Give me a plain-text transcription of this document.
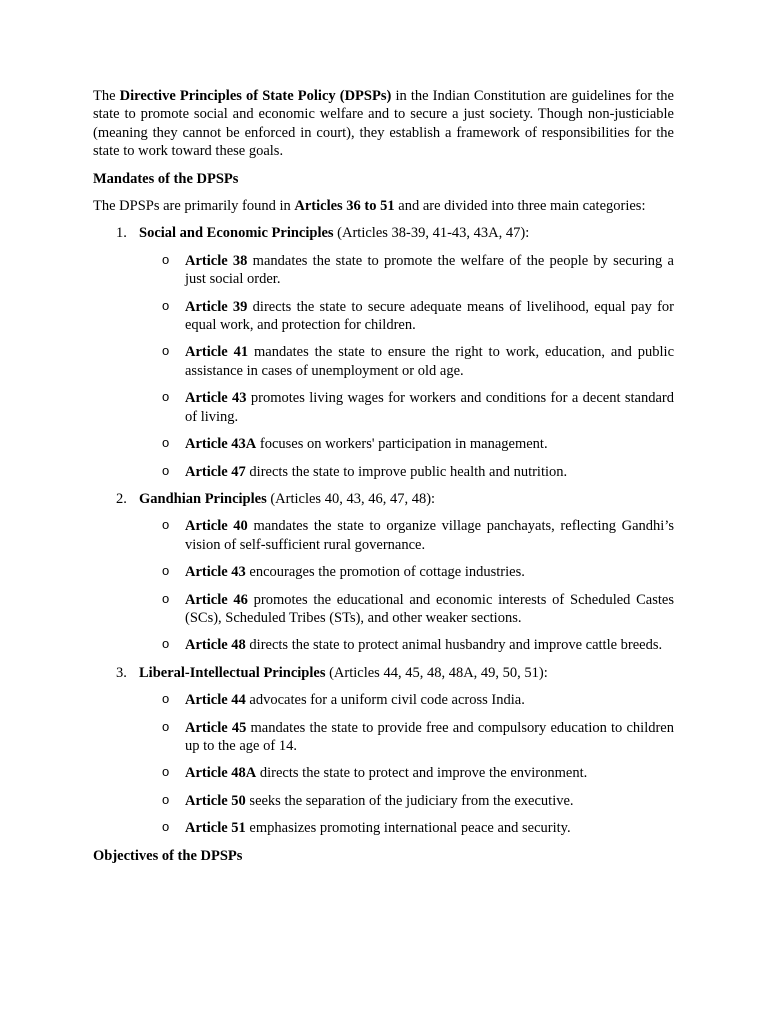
The Directive Principles of State Policy (DPSPs) in the Indian Constitution are guidelines for the state to promote social and economic welfare and to secure a just society. Though non-justiciable (meaning they cannot be enforced in court), they establish a framework of responsibilities for the state to work toward these goals.

Mandates of the DPSPs

The DPSPs are primarily found in Articles 36 to 51 and are divided into three main categories:

1. Social and Economic Principles (Articles 38-39, 41-43, 43A, 47):

o Article 38 mandates the state to promote the welfare of the people by securing a just social order.
o Article 39 directs the state to secure adequate means of livelihood, equal pay for equal work, and protection for children.
o Article 41 mandates the state to ensure the right to work, education, and public assistance in cases of unemployment or old age.
o Article 43 promotes living wages for workers and conditions for a decent standard of living.
o Article 43A focuses on workers' participation in management.
o Article 47 directs the state to improve public health and nutrition.

2. Gandhian Principles (Articles 40, 43, 46, 47, 48):

o Article 40 mandates the state to organize village panchayats, reflecting Gandhi’s vision of self-sufficient rural governance.
o Article 43 encourages the promotion of cottage industries.
o Article 46 promotes the educational and economic interests of Scheduled Castes (SCs), Scheduled Tribes (STs), and other weaker sections.
o Article 48 directs the state to protect animal husbandry and improve cattle breeds.

3. Liberal-Intellectual Principles (Articles 44, 45, 48, 48A, 49, 50, 51):

o Article 44 advocates for a uniform civil code across India.
o Article 45 mandates the state to provide free and compulsory education to children up to the age of 14.
o Article 48A directs the state to protect and improve the environment.
o Article 50 seeks the separation of the judiciary from the executive.
o Article 51 emphasizes promoting international peace and security.

Objectives of the DPSPs
